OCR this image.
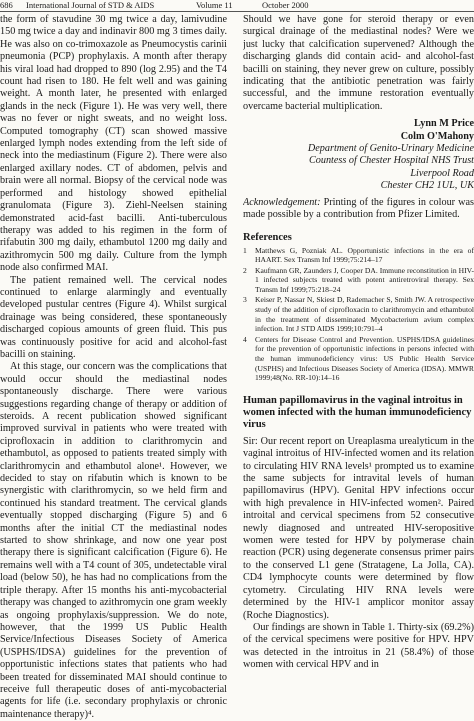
686 International Journal of STD & AIDS	Volume 11	October 2000

the form of stavudine 30 mg twice a day, lamivudine 150 mg twice a day and indinavir 800 mg 3 times daily. He was also on co-trimoxazole as Pneumocystis carinii pneumonia (PCP) prophylaxis. A month after therapy his viral load had dropped to 890 (log 2.95) and the T4 count had risen to 180. He felt well and was gaining weight. A month later, he presented with enlarged glands in the neck (Figure 1). He was very well, there was no fever or night sweats, and no weight loss. Computed tomography (CT) scan showed massive enlarged lymph nodes extending from the left side of neck into the mediastinum (Figure 2). There were also enlarged axillary nodes. CT of abdomen, pelvis and brain were all normal. Biopsy of the cervical node was performed and histology showed epithelial granulomata (Figure 3). Ziehl-Neelsen staining demonstrated acid-fast bacilli. Anti-tuberculous therapy was added to his regimen in the form of rifabutin 300 mg daily, ethambutol 1200 mg daily and azithromycin 500 mg daily. Culture from the lymph node also confirmed MAI.

The patient remained well. The cervical nodes continued to enlarge alarmingly and eventually developed pustular centres (Figure 4). Whilst surgical drainage was being considered, these spontaneously discharged copious amounts of green fluid. This pus was continuously positive for acid and alcohol-fast bacilli on staining.

At this stage, our concern was the complications that would occur should the mediastinal nodes spontaneously discharge. There were various suggestions regarding change of therapy or addition of steroids. A recent publication showed significant improved survival in patients who were treated with ciprofloxacin in addition to clarithromycin and ethambutol, as opposed to patients treated simply with clarithromycin and ethambutol alone¹. However, we decided to stay on rifabutin which is known to be synergistic with clarithromycin, so we held firm and continued his standard treatment. The cervical glands eventually stopped discharging (Figure 5) and 6 months after the initial CT the mediastinal nodes started to show shrinkage, and now one year post therapy there is significant calcification (Figure 6). He remains well with a T4 count of 305, undetectable viral load (below 50), he has had no complications from the triple therapy. After 15 months his anti-mycobacterial therapy was changed to azithromycin one gram weekly as ongoing prophylaxis/suppression. We do note, however, that the 1999 US Public Health Service/Infectious Diseases Society of America (USPHS/IDSA) guidelines for the prevention of opportunistic infections states that patients who had been treated for disseminated MAI should continue to receive full therapeutic doses of anti-mycobacterial agents for life (i.e. secondary prophylaxis or chronic maintenance therapy)⁴.

Should we have gone for steroid therapy or even surgical drainage of the mediastinal nodes? Were we just lucky that calcification supervened? Although the discharging glands did contain acid- and alcohol-fast bacilli on staining, they never grew on culture, possibly indicating that the antibiotic penetration was fairly successful, and the immune restoration eventually overcame bacterial multiplication.

Lynn M Price
Colm O'Mahony
Department of Genito-Urinary Medicine
Countess of Chester Hospital NHS Trust
Liverpool Road
Chester CH2 1UL, UK

Acknowledgement: Printing of the figures in colour was made possible by a contribution from Pfizer Limited.

References
1 Matthews G, Pozniak AL. Opportunistic infections in the era of HAART. Sex Transm Inf 1999;75:214–17
2 Kaufmann GR, Zaunders J, Cooper DA. Immune reconstitution in HIV-1 infected subjects treated with potent antiretroviral therapy. Sex Transm Inf 1999;75:218–24
3 Keiser P, Nassar N, Skiest D, Rademacher S, Smith JW. A retrospective study of the addition of ciprofloxacin to clarithromycin and ethambutol in the treatment of disseminated Mycobacterium avium complex infection. Int J STD AIDS 1999;10:791–4
4 Centers for Disease Control and Prevention. USPHS/IDSA guidelines for the prevention of opportunistic infections in persons infected with the human immunodeficiency virus: US Public Health Service (USPHS) and Infectious Diseases Society of America (IDSA). MMWR 1999;48(No. RR-10):14–16
Human papillomavirus in the vaginal introitus in women infected with the human immunodeficiency virus

Sir: Our recent report on Ureaplasma urealyticum in the vaginal introitus of HIV-infected women and its relation to circulating HIV RNA levels¹ prompted us to examine the same subjects for intravital levels of human papillomavirus (HPV). Genital HPV infections occur with high prevalence in HIV-infected women². Paired introital and cervical specimens from 52 consecutive newly diagnosed and untreated HIV-seropositive women were tested for HPV by polymerase chain reaction (PCR) using degenerate consensus primer pairs to the conserved L1 gene (Stratagene, La Jolla, CA). CD4 lymphocyte counts were determined by flow cytometry. Circulating HIV RNA levels were determined by the HIV-1 amplicor monitor assay (Roche Diagnostics).

Our findings are shown in Table 1. Thirty-six (69.2%) of the cervical specimens were positive for HPV. HPV was detected in the introitus in 21 (58.4%) of those women with cervical HPV and in
